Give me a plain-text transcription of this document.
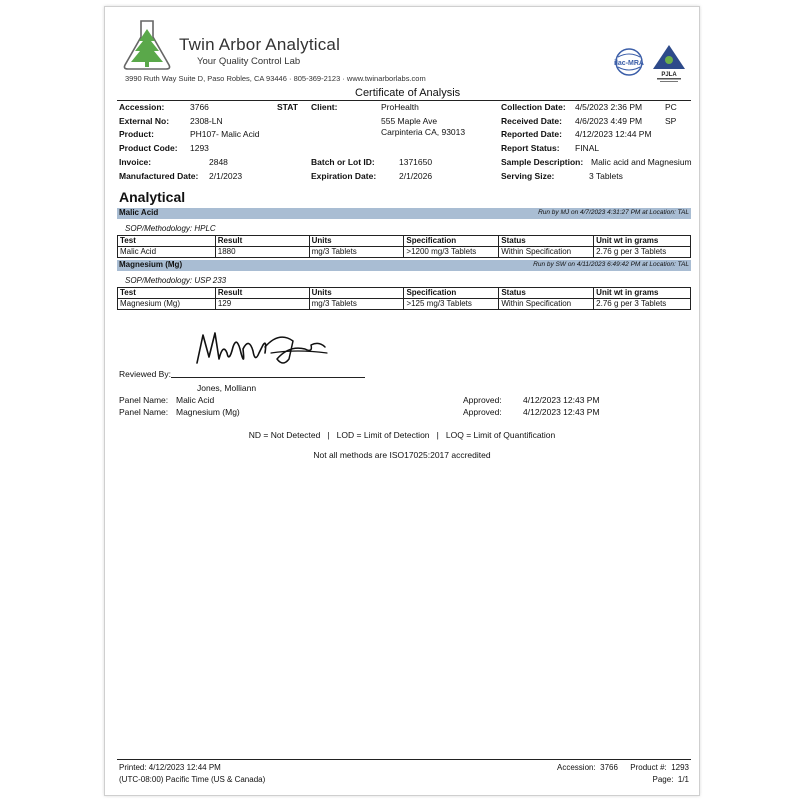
Twin Arbor Analytical
Your Quality Control Lab
3990 Ruth Way Suite D, Paso Robles, CA 93446 · 805-369-2123 · www.twinarborlabs.com
ilac-MRA
PJLA
Certificate of Analysis
Accession:	3766	STAT Client:	ProHealth	Collection Date: 4/5/2023 2:36 PM	PC
External No: 2308-LN	555 Maple Ave	Received Date: 4/6/2023 4:49 PM	SP
Product:	PH107- Malic Acid	Carpinteria CA, 93013	Reported Date: 4/12/2023 12:44 PM
Product Code: 1293	Report Status: FINAL
Invoice:	2848	Batch or Lot ID:	1371650	Sample Description: Malic acid and Magnesium
Manufactured Date: 2/1/2023	Expiration Date:	2/1/2026	Serving Size:	3 Tablets
Analytical
Malic Acid	Run by MJ on 4/7/2023 4:31:27 PM at Location: TAL
SOP/Methodology: HPLC
Test	Result	Units	Specification	Status	Unit wt in grams
Malic Acid	1880	mg/3 Tablets	>1200 mg/3 Tablets	Within Specification	2.76 g per 3 Tablets
Magnesium (Mg)	Run by SW on 4/11/2023 6:49:42 PM at Location: TAL
SOP/Methodology: USP 233
Test	Result	Units	Specification	Status	Unit wt in grams
Magnesium (Mg)	129	mg/3 Tablets	>125 mg/3 Tablets	Within Specification	2.76 g per 3 Tablets
Reviewed By:
Jones, Molliann
Panel Name: Malic Acid	Approved:	4/12/2023 12:43 PM
Panel Name: Magnesium (Mg)	Approved:	4/12/2023 12:43 PM
ND = Not Detected   |   LOD = Limit of Detection   |   LOQ = Limit of Quantification
Not all methods are ISO17025:2017 accredited
Printed: 4/12/2023 12:44 PM
(UTC-08:00) Pacific Time (US & Canada)
Accession:  3766 Product #:  1293
Page:  1/1
